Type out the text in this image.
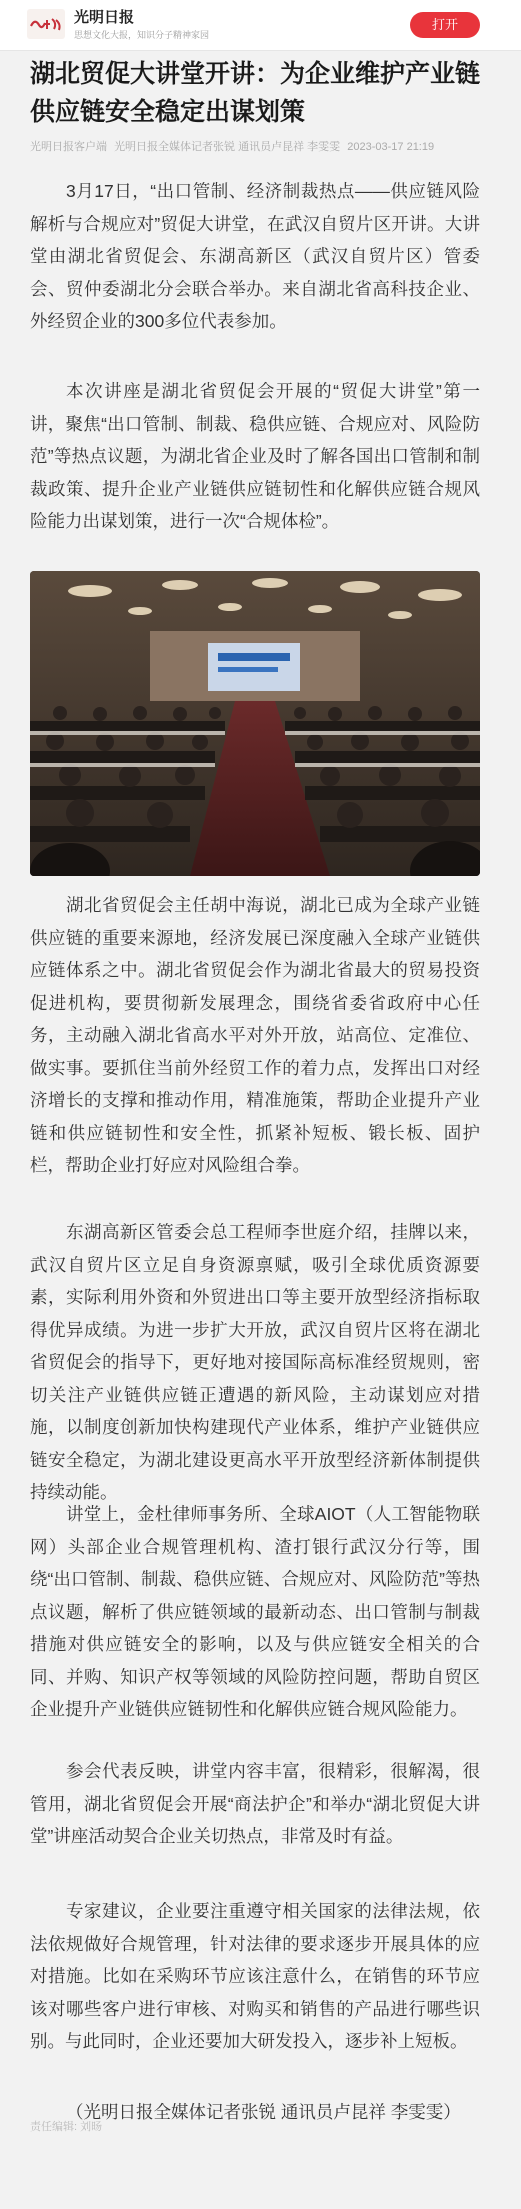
光明日报
思想文化大报，知识分子精神家园
打开
湖北贸促大讲堂开讲：为企业维护产业链供应链安全稳定出谋划策
光明日报客户端 光明日报全媒体记者张锐 通讯员卢昆祥 李雯雯 2023-03-17 21:19

3月17日，“出口管制、经济制裁热点——供应链风险解析与合规应对”贸促大讲堂，在武汉自贸片区开讲。大讲堂由湖北省贸促会、东湖高新区（武汉自贸片区）管委会、贸仲委湖北分会联合举办。来自湖北省高科技企业、外经贸企业的300多位代表参加。

本次讲座是湖北省贸促会开展的“贸促大讲堂”第一讲，聚焦“出口管制、制裁、稳供应链、合规应对、风险防范”等热点议题，为湖北省企业及时了解各国出口管制和制裁政策、提升企业产业链供应链韧性和化解供应链合规风险能力出谋划策，进行一次“合规体检”。

湖北省贸促会主任胡中海说，湖北已成为全球产业链供应链的重要来源地，经济发展已深度融入全球产业链供应链体系之中。湖北省贸促会作为湖北省最大的贸易投资促进机构，要贯彻新发展理念，围绕省委省政府中心任务，主动融入湖北省高水平对外开放，站高位、定准位、做实事。要抓住当前外经贸工作的着力点，发挥出口对经济增长的支撑和推动作用，精准施策，帮助企业提升产业链和供应链韧性和安全性，抓紧补短板、锻长板、固护栏，帮助企业打好应对风险组合拳。

东湖高新区管委会总工程师李世庭介绍，挂牌以来，武汉自贸片区立足自身资源禀赋，吸引全球优质资源要素，实际利用外资和外贸进出口等主要开放型经济指标取得优异成绩。为进一步扩大开放，武汉自贸片区将在湖北省贸促会的指导下，更好地对接国际高标准经贸规则，密切关注产业链供应链正遭遇的新风险，主动谋划应对措施，以制度创新加快构建现代产业体系，维护产业链供应链安全稳定，为湖北建设更高水平开放型经济新体制提供持续动能。

讲堂上，金杜律师事务所、全球AIOT（人工智能物联网）头部企业合规管理机构、渣打银行武汉分行等，围绕“出口管制、制裁、稳供应链、合规应对、风险防范”等热点议题，解析了供应链领域的最新动态、出口管制与制裁措施对供应链安全的影响，以及与供应链安全相关的合同、并购、知识产权等领域的风险防控问题，帮助自贸区企业提升产业链供应链韧性和化解供应链合规风险能力。

参会代表反映，讲堂内容丰富，很精彩，很解渴，很管用，湖北省贸促会开展“商法护企”和举办“湖北贸促大讲堂”讲座活动契合企业关切热点，非常及时有益。

专家建议，企业要注重遵守相关国家的法律法规，依法依规做好合规管理，针对法律的要求逐步开展具体的应对措施。比如在采购环节应该注意什么，在销售的环节应该对哪些客户进行审核、对购买和销售的产品进行哪些识别。与此同时，企业还要加大研发投入，逐步补上短板。

（光明日报全媒体记者张锐 通讯员卢昆祥 李雯雯）

责任编辑: 刘旸
